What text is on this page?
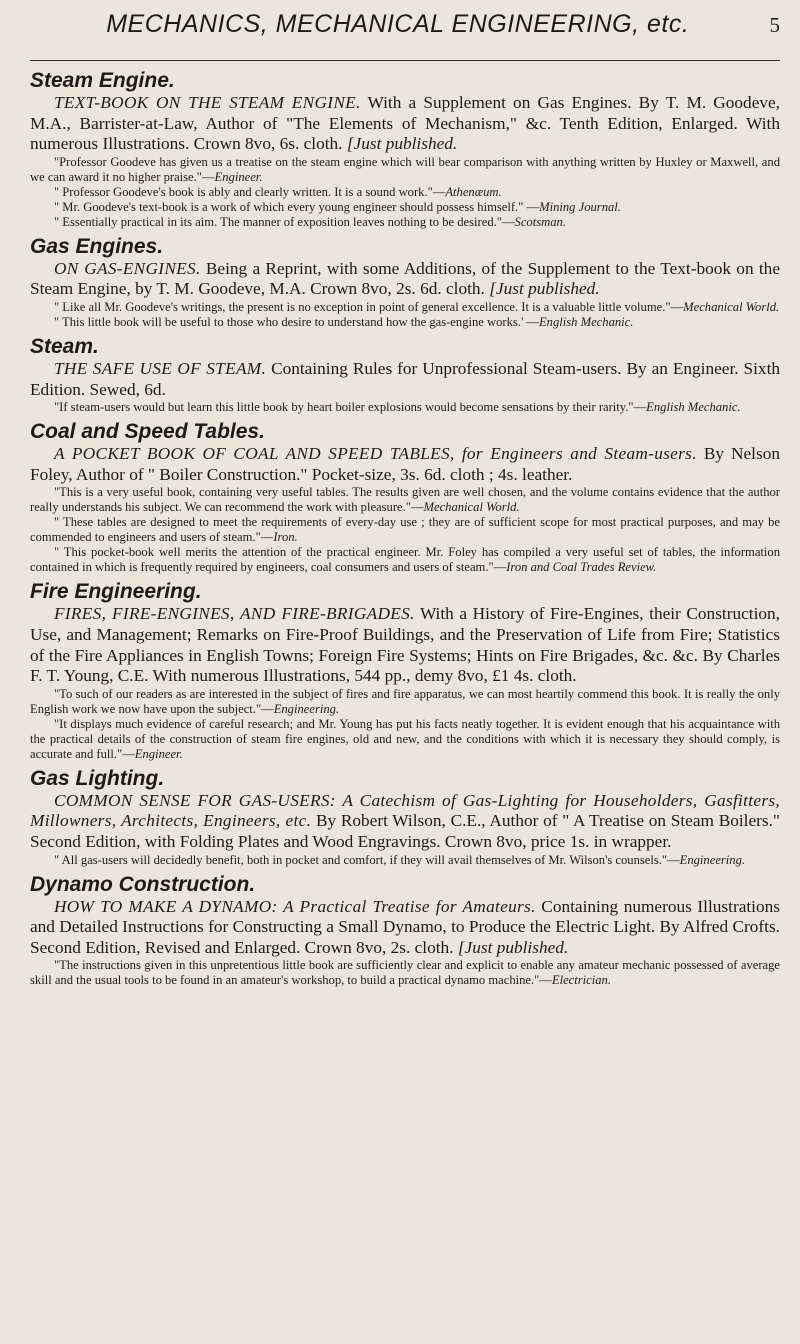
MECHANICS, MECHANICAL ENGINEERING, etc.	5
Steam Engine.

TEXT-BOOK ON THE STEAM ENGINE. With a Supplement on Gas Engines. By T. M. Goodeve, M.A., Barrister-at-Law, Author of "The Elements of Mechanism," &c. Tenth Edition, Enlarged. With numerous Illustrations. Crown 8vo, 6s. cloth. [Just published.

"Professor Goodeve has given us a treatise on the steam engine which will bear comparison with anything written by Huxley or Maxwell, and we can award it no higher praise."—Engineer.

" Professor Goodeve's book is ably and clearly written. It is a sound work."—Athenæum.

" Mr. Goodeve's text-book is a work of which every young engineer should possess himself." —Mining Journal.

" Essentially practical in its aim. The manner of exposition leaves nothing to be desired."—Scotsman.

Gas Engines.

ON GAS-ENGINES. Being a Reprint, with some Additions, of the Supplement to the Text-book on the Steam Engine, by T. M. Goodeve, M.A. Crown 8vo, 2s. 6d. cloth. [Just published.

" Like all Mr. Goodeve's writings, the present is no exception in point of general excellence. It is a valuable little volume."—Mechanical World.

" This little book will be useful to those who desire to understand how the gas-engine works.' —English Mechanic.

Steam.

THE SAFE USE OF STEAM. Containing Rules for Unprofessional Steam-users. By an Engineer. Sixth Edition. Sewed, 6d.

"If steam-users would but learn this little book by heart boiler explosions would become sensations by their rarity."—English Mechanic.

Coal and Speed Tables.

A POCKET BOOK OF COAL AND SPEED TABLES, for Engineers and Steam-users. By Nelson Foley, Author of " Boiler Construction." Pocket-size, 3s. 6d. cloth ; 4s. leather.

"This is a very useful book, containing very useful tables. The results given are well chosen, and the volume contains evidence that the author really understands his subject. We can recommend the work with pleasure."—Mechanical World.

" These tables are designed to meet the requirements of every-day use ; they are of sufficient scope for most practical purposes, and may be commended to engineers and users of steam."—Iron.

" This pocket-book well merits the attention of the practical engineer. Mr. Foley has compiled a very useful set of tables, the information contained in which is frequently required by engineers, coal consumers and users of steam."—Iron and Coal Trades Review.

Fire Engineering.

FIRES, FIRE-ENGINES, AND FIRE-BRIGADES. With a History of Fire-Engines, their Construction, Use, and Management; Remarks on Fire-Proof Buildings, and the Preservation of Life from Fire; Statistics of the Fire Appliances in English Towns; Foreign Fire Systems; Hints on Fire Brigades, &c. &c. By Charles F. T. Young, C.E. With numerous Illustrations, 544 pp., demy 8vo, £1 4s. cloth.

"To such of our readers as are interested in the subject of fires and fire apparatus, we can most heartily commend this book. It is really the only English work we now have upon the subject."—Engineering.

"It displays much evidence of careful research; and Mr. Young has put his facts neatly together. It is evident enough that his acquaintance with the practical details of the construction of steam fire engines, old and new, and the conditions with which it is necessary they should comply, is accurate and full."—Engineer.

Gas Lighting.

COMMON SENSE FOR GAS-USERS: A Catechism of Gas-Lighting for Householders, Gasfitters, Millowners, Architects, Engineers, etc. By Robert Wilson, C.E., Author of " A Treatise on Steam Boilers." Second Edition, with Folding Plates and Wood Engravings. Crown 8vo, price 1s. in wrapper.

" All gas-users will decidedly benefit, both in pocket and comfort, if they will avail themselves of Mr. Wilson's counsels."—Engineering.

Dynamo Construction.

HOW TO MAKE A DYNAMO: A Practical Treatise for Amateurs. Containing numerous Illustrations and Detailed Instructions for Constructing a Small Dynamo, to Produce the Electric Light. By Alfred Crofts. Second Edition, Revised and Enlarged. Crown 8vo, 2s. cloth. [Just published.

"The instructions given in this unpretentious little book are sufficiently clear and explicit to enable any amateur mechanic possessed of average skill and the usual tools to be found in an amateur's workshop, to build a practical dynamo machine."—Electrician.
